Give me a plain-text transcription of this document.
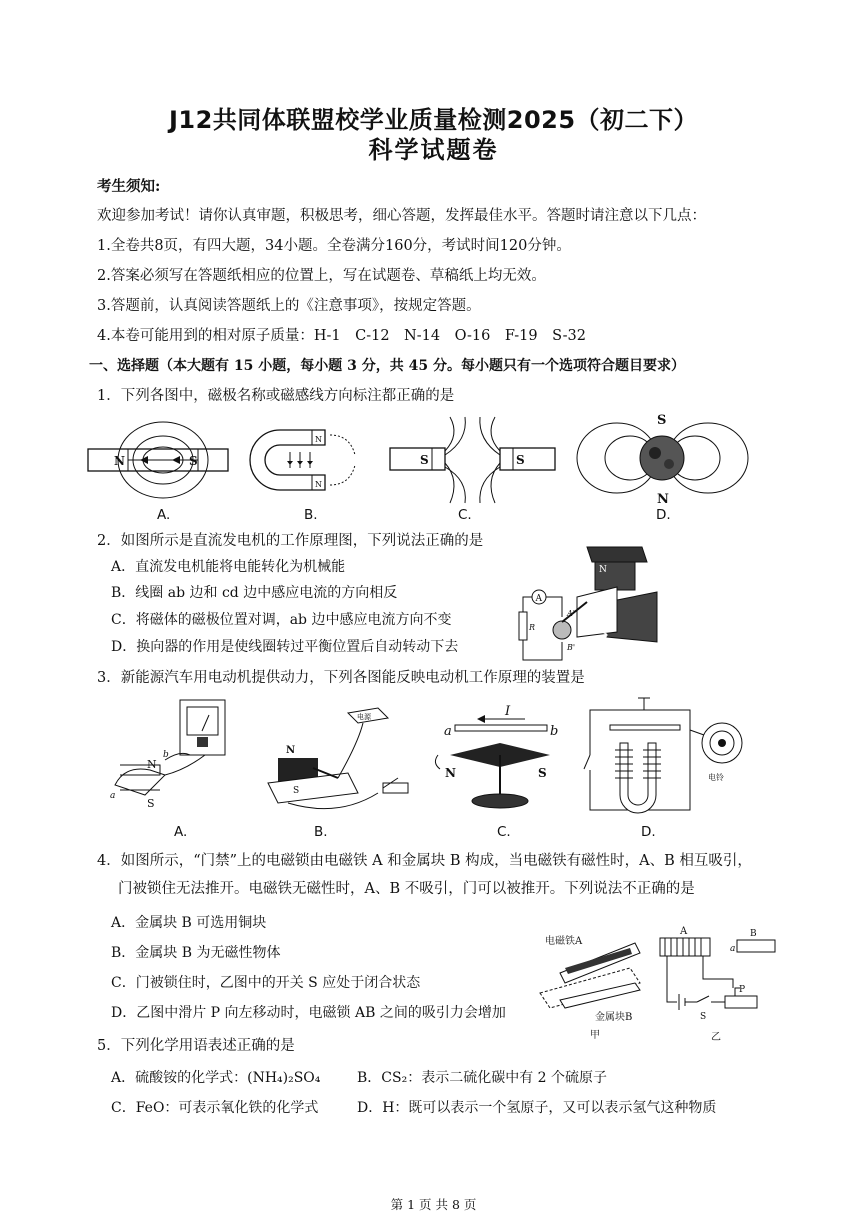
J12共同体联盟校学业质量检测2025（初二下）
科学试题卷
考生须知:
欢迎参加考试！请你认真审题，积极思考，细心答题，发挥最佳水平。答题时请注意以下几点：
1.全卷共8页，有四大题，34小题。全卷满分160分，考试时间120分钟。
2.答案必须写在答题纸相应的位置上，写在试题卷、草稿纸上均无效。
3.答题前，认真阅读答题纸上的《注意事项》，按规定答题。
4.本卷可能用到的相对原子质量：H-1　C-12　N-14　O-16　F-19　S-32
一、选择题（本大题有 15 小题，每小题 3 分，共 45 分。每小题只有一个选项符合题目要求）
1．下列各图中，磁极名称或磁感线方向标注都正确的是
N	S
A.
N
N
B.
S	S
C.
S
N
D.
2．如图所示是直流发电机的工作原理图，下列说法正确的是
A．直流发电机能将电能转化为机械能
B．线圈 ab 边和 cd 边中感应电流的方向相反
C．将磁体的磁极位置对调，ab 边中感应电流方向不变
D．换向器的作用是使线圈转过平衡位置后自动转动下去
N
S
A
R
A'
B'
3．新能源汽车用电动机提供动力，下列各图能反映电动机工作原理的装置是
N
S
a
b
A.
电源
N
S
B.
a	b
I
N	S
C.
电铃
D.
4．如图所示，“门禁”上的电磁锁由电磁铁 A 和金属块 B 构成，当电磁铁有磁性时，A、B 相互吸引，
门被锁住无法推开。电磁铁无磁性时，A、B 不吸引，门可以被推开。下列说法不正确的是
A．金属块 B 可选用铜块
B．金属块 B 为无磁性物体
C．门被锁住时，乙图中的开关 S 应处于闭合状态
D．乙图中滑片 P 向左移动时，电磁锁 AB 之间的吸引力会增加
电磁铁A
金属块B
甲
A
a
B
S
P
乙
5．下列化学用语表述正确的是
A．硫酸铵的化学式：(NH₄)₂SO₄	B．CS₂：表示二硫化碳中有 2 个硫原子
C．FeO：可表示氧化铁的化学式	D．H：既可以表示一个氢原子，又可以表示氢气这种物质
第 1 页 共 8 页
